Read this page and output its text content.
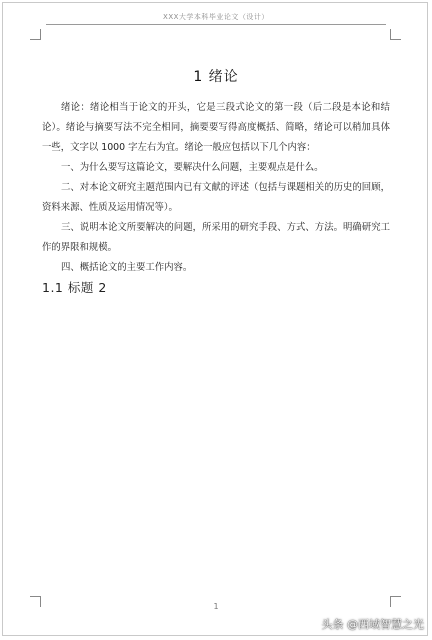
XXX大学本科毕业论文（设计）
1 绪论

绪论：绪论相当于论文的开头，它是三段式论文的第一段（后二段是本论和结论）。绪论与摘要写法不完全相同，摘要要写得高度概括、简略，绪论可以稍加具体一些，文字以 1000 字左右为宜。绪论一般应包括以下几个内容：

一、为什么要写这篇论文，要解决什么问题，主要观点是什么。

二、对本论文研究主题范围内已有文献的评述（包括与课题相关的历史的回顾，资料来源、性质及运用情况等）。

三、说明本论文所要解决的问题，所采用的研究手段、方式、方法。明确研究工作的界限和规模。

四、概括论文的主要工作内容。

1.1 标题 2
1
头条 @西域智慧之光
